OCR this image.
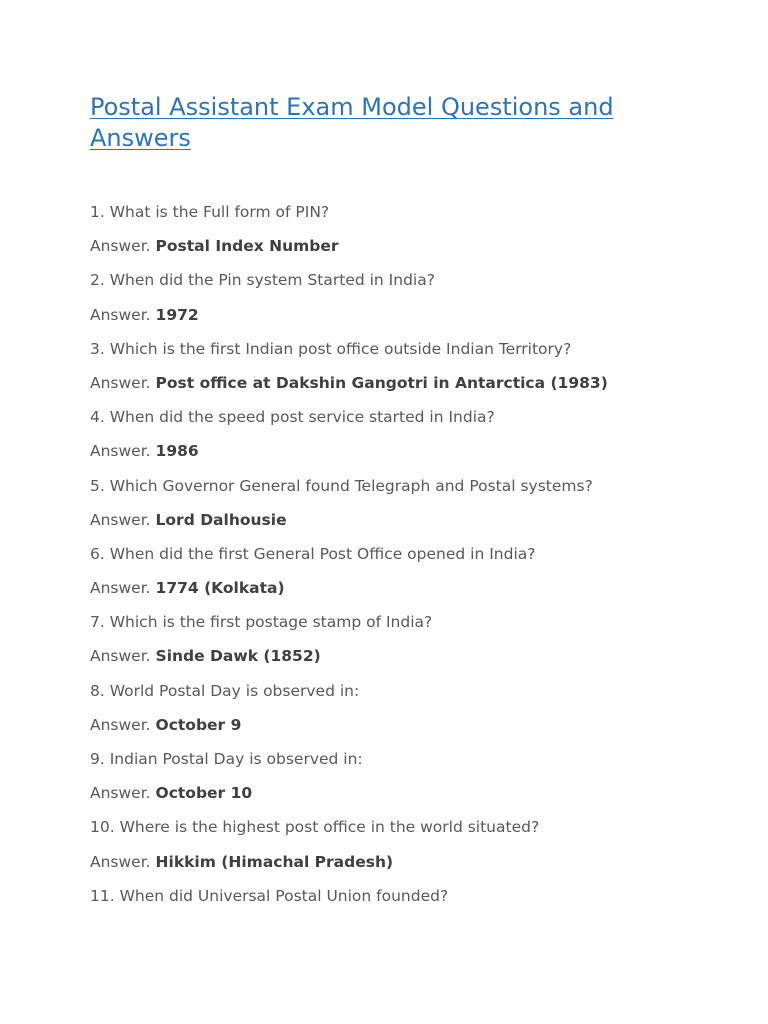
Postal Assistant Exam Model Questions and Answers
1. What is the Full form of PIN?
Answer. Postal Index Number
2. When did the Pin system Started in India?
Answer. 1972
3. Which is the first Indian post office outside Indian Territory?
Answer. Post office at Dakshin Gangotri in Antarctica (1983)
4. When did the speed post service started in India?
Answer. 1986
5. Which Governor General found Telegraph and Postal systems?
Answer. Lord Dalhousie
6. When did the first General Post Office opened in India?
Answer. 1774 (Kolkata)
7. Which is the first postage stamp of India?
Answer. Sinde Dawk (1852)
8. World Postal Day is observed in:
Answer. October 9
9. Indian Postal Day is observed in:
Answer. October 10
10. Where is the highest post office in the world situated?
Answer. Hikkim (Himachal Pradesh)
11. When did Universal Postal Union founded?
